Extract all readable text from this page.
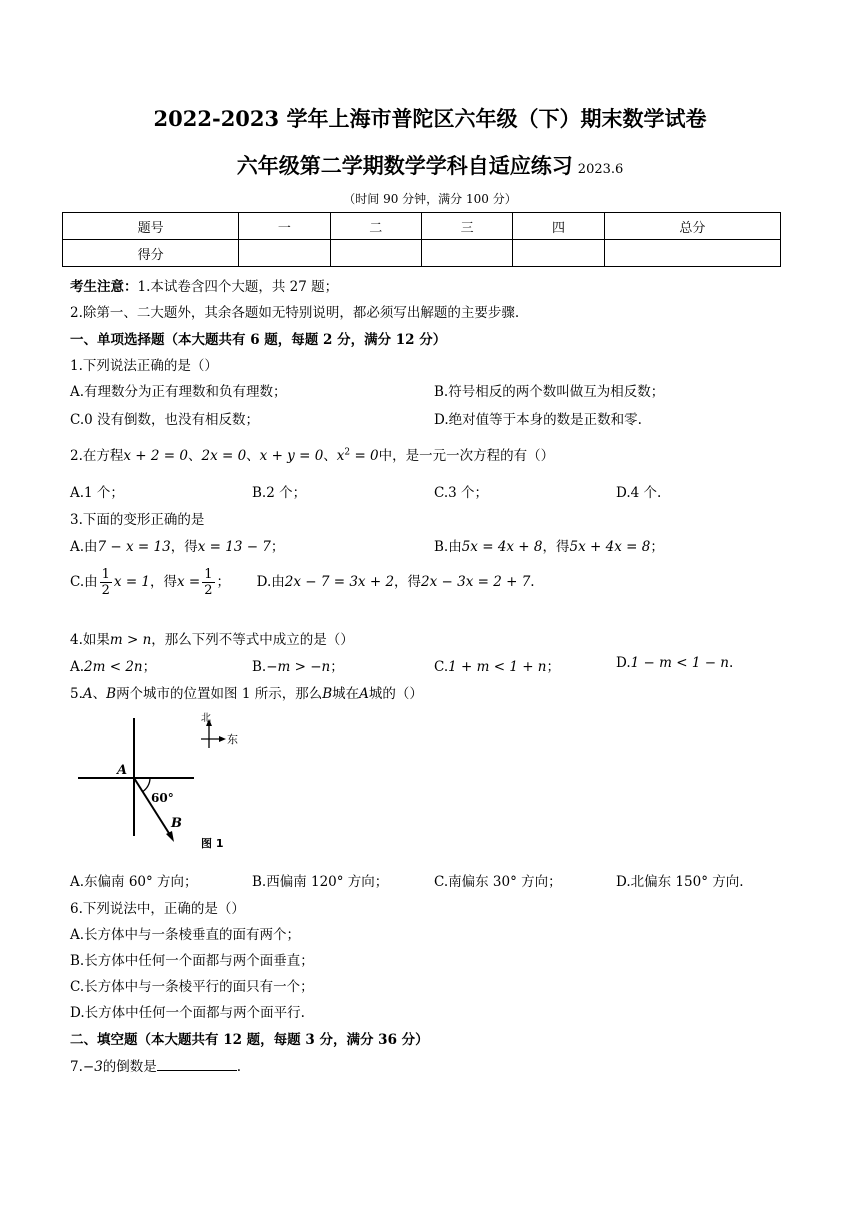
2022-2023 学年上海市普陀区六年级（下）期末数学试卷
六年级第二学期数学学科自适应练习 2023.6
（时间 90 分钟，满分 100 分）
题号	一	二	三	四	总分
得分					
考生注意：1.本试卷含四个大题，共 27 题；
2.除第一、二大题外，其余各题如无特别说明，都必须写出解题的主要步骤.
一、单项选择题（本大题共有 6 题，每题 2 分，满分 12 分）
1.下列说法正确的是（）
A.有理数分为正有理数和负有理数；	B.符号相反的两个数叫做互为相反数；
C.0 没有倒数，也没有相反数；	D.绝对值等于本身的数是正数和零.
2.在方程x + 2 = 0、2x = 0、x + y = 0、$x^2 = 0$中，是一元一次方程的有（）
A.1 个；	B.2 个；	C.3 个；	D.4 个.
3.下面的变形正确的是
A.由7 − x = 13，得x = 13 − 7；	B.由5x = 4x + 8，得5x + 4x = 8；
C.由 $\frac{1}{2}$ x = 1，得$x = \frac{1}{2}$ ； D.由2x − 7 = 3x + 2，得2x − 3x = 2 + 7.
4.如果m > n，那么下列不等式中成立的是（）
A.2m < 2n；	B.−m > −n；	C.1 + m < 1 + n；	D.1 − m < 1 − n.
5.A、B两个城市的位置如图 1 所示，那么B城在A城的（）
北
东
A
60°
B
图 1
A.东偏南 60° 方向；	B.西偏南 120° 方向；	C.南偏东 30° 方向；	D.北偏东 150° 方向.
6.下列说法中，正确的是（）
A.长方体中与一条棱垂直的面有两个；
B.长方体中任何一个面都与两个面垂直；
C.长方体中与一条棱平行的面只有一个；
D.长方体中任何一个面都与两个面平行.
二、填空题（本大题共有 12 题，每题 3 分，满分 36 分）
7.−3的倒数是	.
